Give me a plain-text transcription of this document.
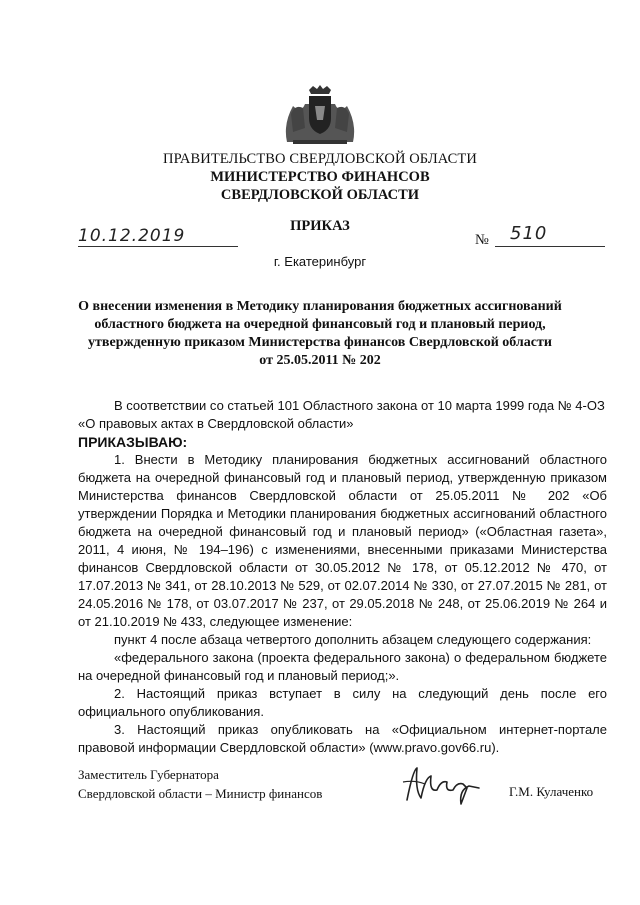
ПРАВИТЕЛЬСТВО СВЕРДЛОВСКОЙ ОБЛАСТИ
МИНИСТЕРСТВО ФИНАНСОВ
СВЕРДЛОВСКОЙ ОБЛАСТИ
ПРИКАЗ
10.12.2019	№ 510
г. Екатеринбург
О внесении изменения в Методику планирования бюджетных ассигнований
областного бюджета на очередной финансовый год и плановый период,
утвержденную приказом Министерства финансов Свердловской области
от 25.05.2011 № 202

В соответствии со статьей 101 Областного закона от 10 марта 1999 года № 4-ОЗ

«О правовых актах в Свердловской области»

ПРИКАЗЫВАЮ:

1. Внести в Методику планирования бюджетных ассигнований областного бюджета на очередной финансовый год и плановый период, утвержденную приказом Министерства финансов Свердловской области от 25.05.2011 № 202 «Об утверждении Порядка и Методики планирования бюджетных ассигнований областного бюджета на очередной финансовый год и плановый период» («Областная газета», 2011, 4 июня, № 194–196) с изменениями, внесенными приказами Министерства финансов Свердловской области от 30.05.2012 № 178, от 05.12.2012 № 470, от 17.07.2013 № 341, от 28.10.2013 № 529, от 02.07.2014 № 330, от 27.07.2015 № 281, от 24.05.2016 № 178, от 03.07.2017 № 237, от 29.05.2018 № 248, от 25.06.2019 № 264 и от 21.10.2019 № 433, следующее изменение:

пункт 4 после абзаца четвертого дополнить абзацем следующего содержания:

«федерального закона (проекта федерального закона) о федеральном бюджете на очередной финансовый год и плановый период;».

2. Настоящий приказ вступает в силу на следующий день после его официального опубликования.

3. Настоящий приказ опубликовать на «Официальном интернет-портале правовой информации Свердловской области» (www.pravo.gov66.ru).

Заместитель Губернатора
Свердловской области – Министр финансов	Г.М. Кулаченко
